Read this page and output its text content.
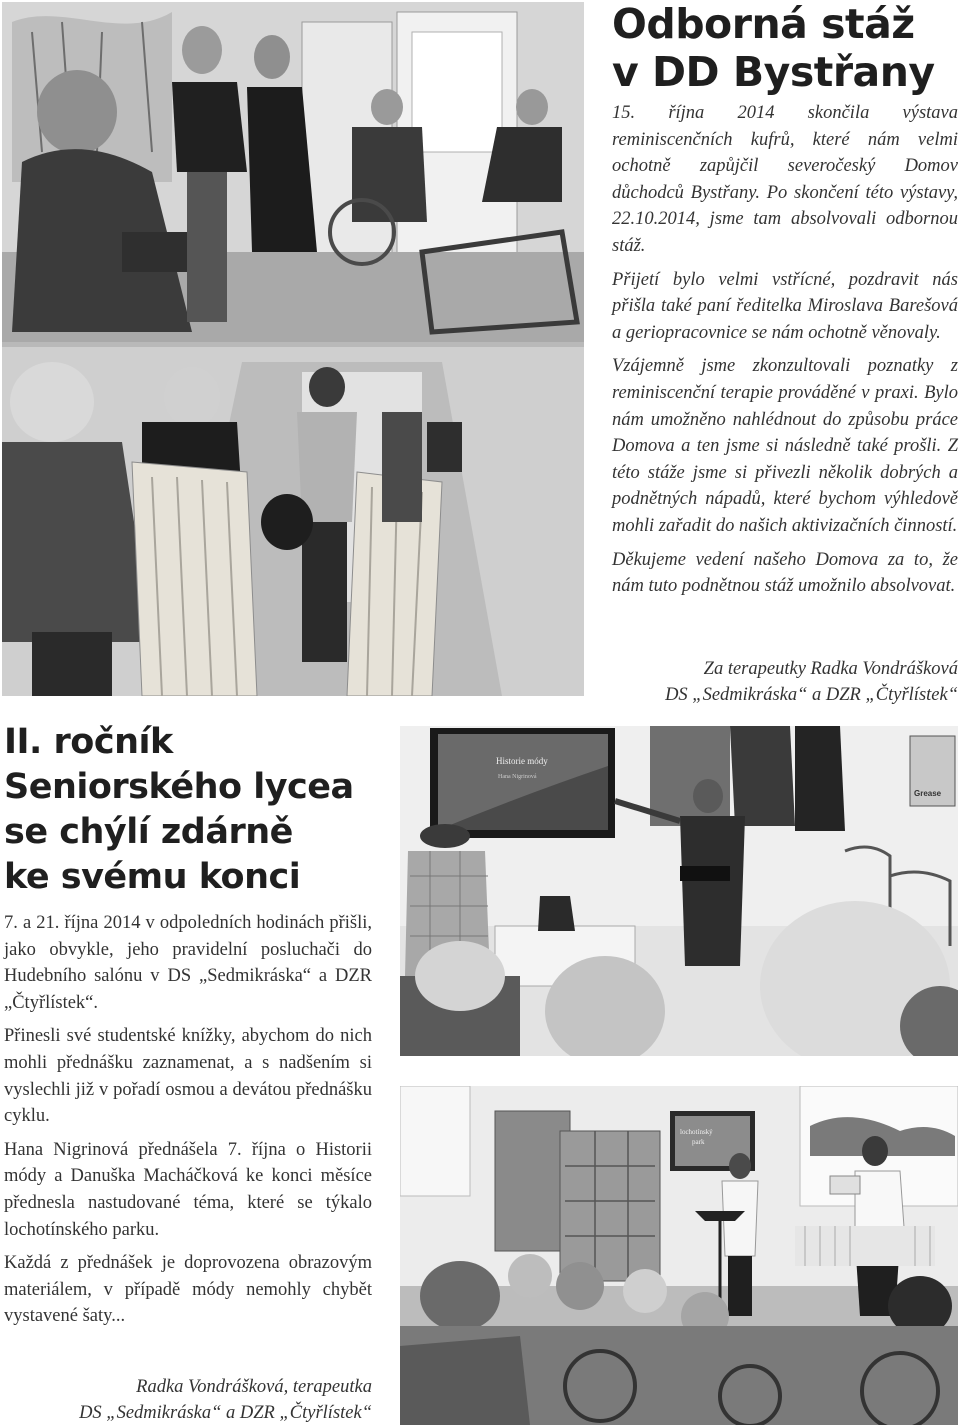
Historie módy
Hana Nigrinová
Grease
lochotínský
park
Odborná stáž
v DD Bystřany

15. října 2014 skončila výstava reminiscenčních kufrů, které nám velmi ochotně zapůjčil severočeský Domov důchodců Bystřany. Po skončení této výstavy, 22.10.2014, jsme tam absolvovali odbornou stáž.

Přijetí bylo velmi vstřícné, pozdravit nás přišla také paní ředitelka Miroslava Barešová a geriopracovnice se nám ochotně věnovaly.

Vzájemně jsme zkonzultovali poznatky z reminiscenční terapie prováděné v praxi. Bylo nám umožněno nahlédnout do způsobu práce Domova a ten jsme si následně také prošli. Z této stáže jsme si přivezli několik dobrých a podnětných nápadů, které bychom výhledově mohli zařadit do našich aktivizačních činností.

Děkujeme vedení našeho Domova za to, že nám tuto podnětnou stáž umožnilo absolvovat.

Za terapeutky Radka Vondrášková
DS „Sedmikráska“ a DZR „Čtyřlístek“
II. ročník
Seniorského lycea
se chýlí zdárně
ke svému konci

7. a 21. října 2014 v odpoledních hodinách přišli, jako obvykle, jeho pravidelní posluchači do Hudebního salónu v DS „Sedmikráska“ a DZR „Čtyřlístek“.

Přinesli své studentské knížky, abychom do nich mohli přednášku zaznamenat, a s nadšením si vyslechli již v pořadí osmou a devátou přednášku cyklu.

Hana Nigrinová přednášela 7. října o Historii módy a Danuška Macháčková ke konci měsíce přednesla nastudované téma, které se týkalo lochotínského parku.

Každá z přednášek je doprovozena obrazovým materiálem, v případě módy nemohly chybět vystavené šaty...

Radka Vondrášková, terapeutka
DS „Sedmikráska“ a DZR „Čtyřlístek“
